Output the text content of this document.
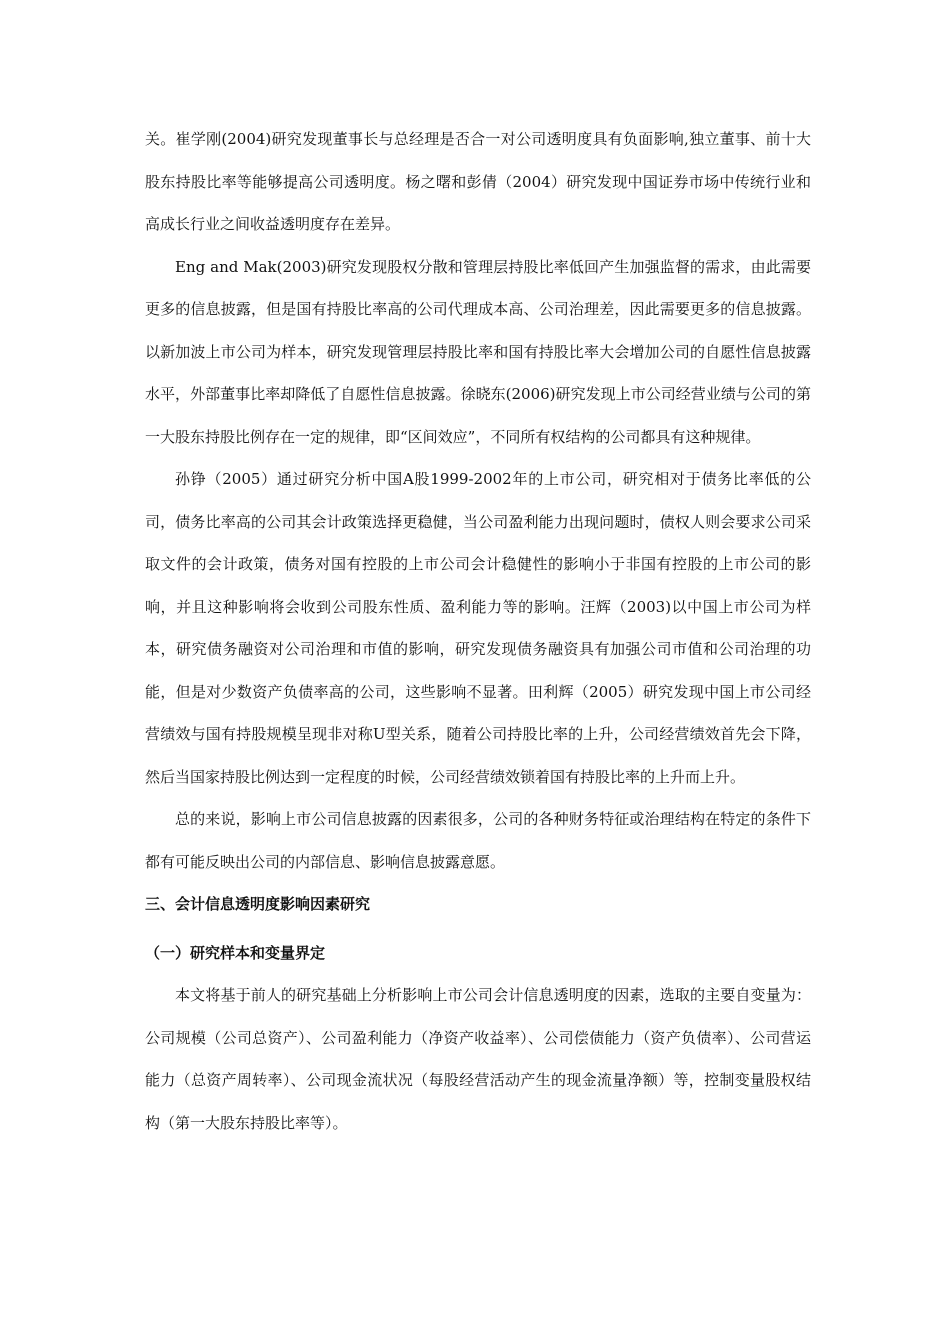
关。崔学刚(2004)研究发现董事长与总经理是否合一对公司透明度具有负面影响,独立董事、前十大股东持股比率等能够提高公司透明度。杨之曙和彭倩（2004）研究发现中国证券市场中传统行业和高成长行业之间收益透明度存在差异。

Eng and Mak(2003)研究发现股权分散和管理层持股比率低回产生加强监督的需求，由此需要更多的信息披露，但是国有持股比率高的公司代理成本高、公司治理差，因此需要更多的信息披露。以新加波上市公司为样本，研究发现管理层持股比率和国有持股比率大会增加公司的自愿性信息披露水平，外部董事比率却降低了自愿性信息披露。徐晓东(2006)研究发现上市公司经营业绩与公司的第一大股东持股比例存在一定的规律，即“区间效应”，不同所有权结构的公司都具有这种规律。

孙铮（2005）通过研究分析中国A股1999-2002年的上市公司，研究相对于债务比率低的公司，债务比率高的公司其会计政策选择更稳健，当公司盈利能力出现问题时，债权人则会要求公司采取文件的会计政策，债务对国有控股的上市公司会计稳健性的影响小于非国有控股的上市公司的影响，并且这种影响将会收到公司股东性质、盈利能力等的影响。汪辉（2003)以中国上市公司为样本，研究债务融资对公司治理和市值的影响，研究发现债务融资具有加强公司市值和公司治理的功能，但是对少数资产负债率高的公司，这些影响不显著。田利辉（2005）研究发现中国上市公司经营绩效与国有持股规模呈现非对称U型关系，随着公司持股比率的上升，公司经营绩效首先会下降，然后当国家持股比例达到一定程度的时候，公司经营绩效锁着国有持股比率的上升而上升。

总的来说，影响上市公司信息披露的因素很多，公司的各种财务特征或治理结构在特定的条件下都有可能反映出公司的内部信息、影响信息披露意愿。

三、会计信息透明度影响因素研究

（一）研究样本和变量界定

本文将基于前人的研究基础上分析影响上市公司会计信息透明度的因素，选取的主要自变量为：公司规模（公司总资产）、公司盈利能力（净资产收益率）、公司偿债能力（资产负债率）、公司营运能力（总资产周转率）、公司现金流状况（每股经营活动产生的现金流量净额）等，控制变量股权结构（第一大股东持股比率等）。
